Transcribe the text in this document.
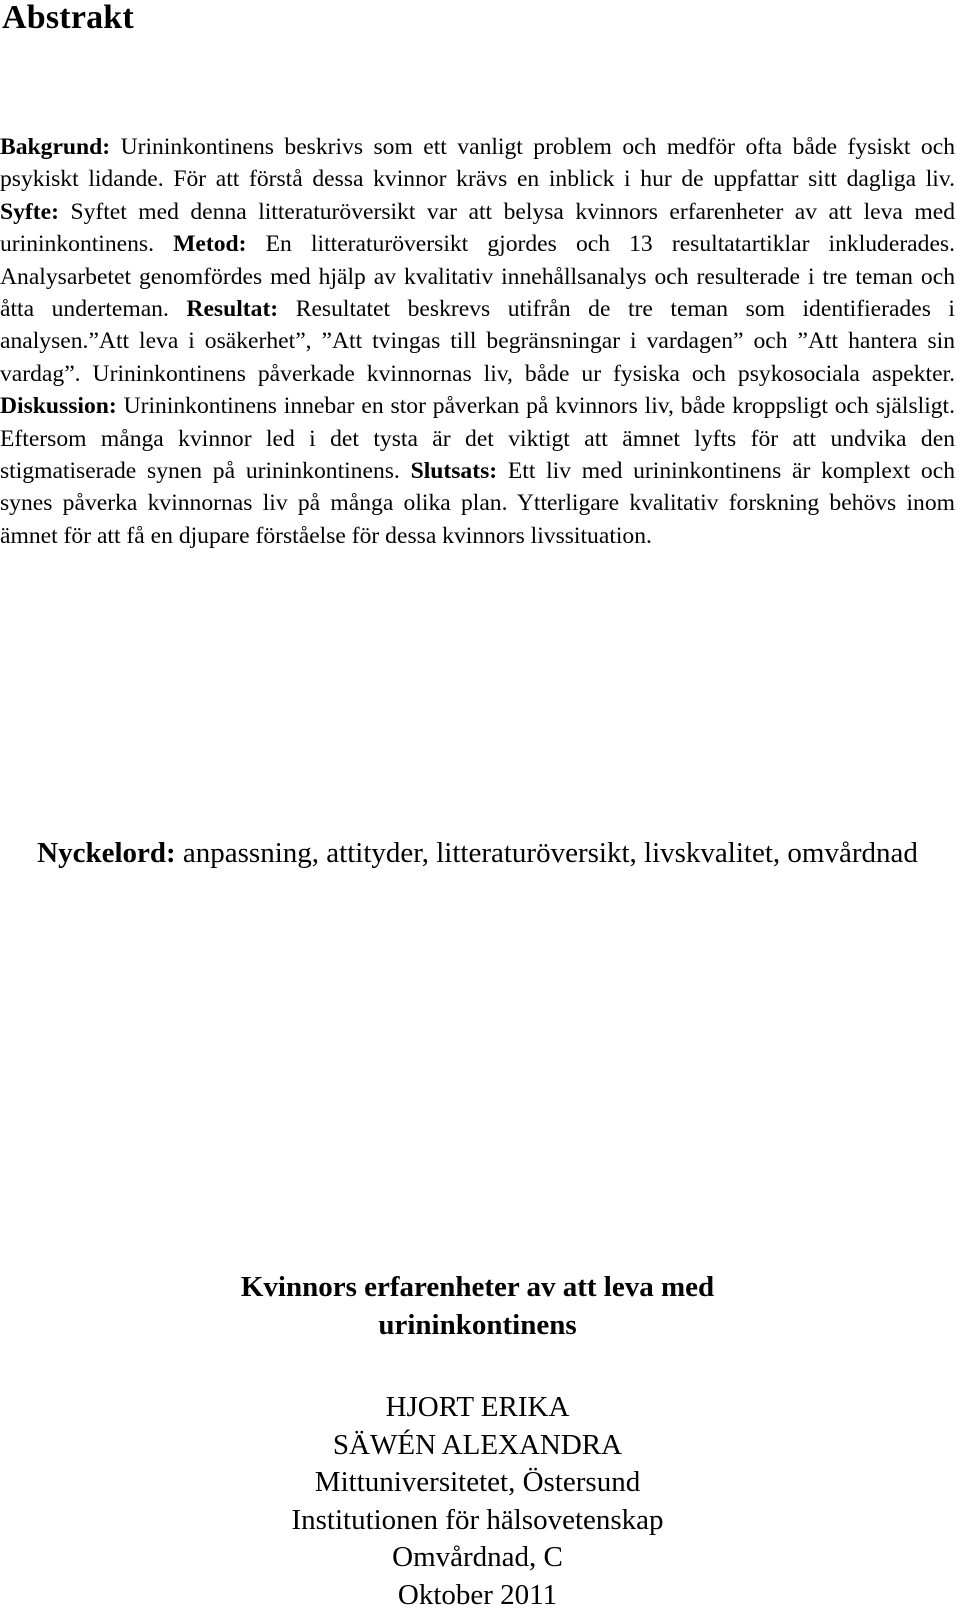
Abstrakt

Bakgrund: Urininkontinens beskrivs som ett vanligt problem och medför ofta både fysiskt och psykiskt lidande. För att förstå dessa kvinnor krävs en inblick i hur de uppfattar sitt dagliga liv. Syfte: Syftet med denna litteraturöversikt var att belysa kvinnors erfarenheter av att leva med urininkontinens. Metod: En litteraturöversikt gjordes och 13 resultatartiklar inkluderades. Analysarbetet genomfördes med hjälp av kvalitativ innehållsanalys och resulterade i tre teman och åtta underteman. Resultat: Resultatet beskrevs utifrån de tre teman som identifierades i analysen.”Att leva i osäkerhet”, ”Att tvingas till begränsningar i vardagen” och ”Att hantera sin vardag”. Urininkontinens påverkade kvinnornas liv, både ur fysiska och psykosociala aspekter. Diskussion: Urininkontinens innebar en stor påverkan på kvinnors liv, både kroppsligt och själsligt. Eftersom många kvinnor led i det tysta är det viktigt att ämnet lyfts för att undvika den stigmatiserade synen på urininkontinens. Slutsats: Ett liv med urininkontinens är komplext och synes påverka kvinnornas liv på många olika plan. Ytterligare kvalitativ forskning behövs inom ämnet för att få en djupare förståelse för dessa kvinnors livssituation.

Nyckelord: anpassning, attityder, litteraturöversikt, livskvalitet, omvårdnad

Kvinnors erfarenheter av att leva med
urininkontinens
HJORT ERIKA
SÄWÉN ALEXANDRA
Mittuniversitetet, Östersund
Institutionen för hälsovetenskap
Omvårdnad, C
Oktober 2011
